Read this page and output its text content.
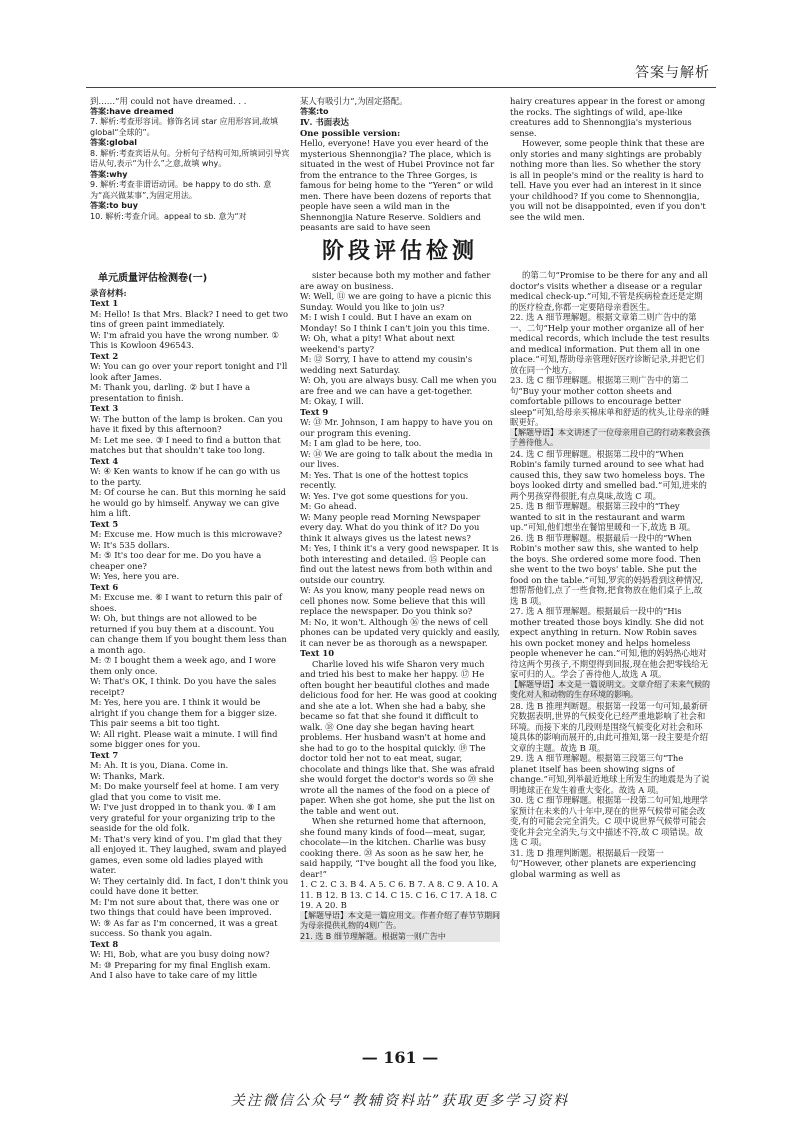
答案与解析

到……”用 could not have dreamed. . .

答案:have dreamed

7. 解析:考查形容词。修饰名词 star 应用形容词,故填 global“全球的”。

答案:global

8. 解析:考查宾语从句。分析句子结构可知,所填词引导宾语从句,表示“为什么”之意,故填 why。

答案:why

9. 解析:考查非谓语动词。be happy to do sth. 意为“高兴做某事”,为固定用法。

答案:to buy

10. 解析:考查介词。appeal to sb. 意为“对

某人有吸引力”,为固定搭配。

答案:to

Ⅳ. 书面表达

One possible version:

Hello, everyone! Have you ever heard of the mysterious Shennongjia? The place, which is situated in the west of Hubei Province not far from the entrance to the Three Gorges, is famous for being home to the “Yeren” or wild men. There have been dozens of reports that people have seen a wild man in the Shennongjia Nature Reserve. Soldiers and peasants are said to have seen

hairy creatures appear in the forest or among the rocks. The sightings of wild, ape-like creatures add to Shennongjia's mysterious sense.

However, some people think that these are only stories and many sightings are probably nothing more than lies. So whether the story is all in people's mind or the reality is hard to tell. Have you ever had an interest in it since your childhood? If you come to Shennongjia, you will not be disappointed, even if you don't see the wild men.

阶段评估检测
单元质量评估检测卷(一)

录音材料:

Text 1

M: Hello! Is that Mrs. Black? I need to get two tins of green paint immediately.

W: I'm afraid you have the wrong number. ① This is Kowloon 496543.

Text 2

W: You can go over your report tonight and I'll look after James.

M: Thank you, darling. ② but I have a presentation to finish.

Text 3

W: The button of the lamp is broken. Can you have it fixed by this afternoon?

M: Let me see. ③ I need to find a button that matches but that shouldn't take too long.

Text 4

W: ④ Ken wants to know if he can go with us to the party.

M: Of course he can. But this morning he said he would go by himself. Anyway we can give him a lift.

Text 5

M: Excuse me. How much is this microwave?

W: It's 535 dollars.

M: ⑤ It's too dear for me. Do you have a cheaper one?

W: Yes, here you are.

Text 6

M: Excuse me. ⑥ I want to return this pair of shoes.

W: Oh, but things are not allowed to be returned if you buy them at a discount. You can change them if you bought them less than a month ago.

M: ⑦ I bought them a week ago, and I wore them only once.

W: That's OK, I think. Do you have the sales receipt?

M: Yes, here you are. I think it would be alright if you change them for a bigger size. This pair seems a bit too tight.

W: All right. Please wait a minute. I will find some bigger ones for you.

Text 7

M: Ah. It is you, Diana. Come in.

W: Thanks, Mark.

M: Do make yourself feel at home. I am very glad that you come to visit me.

W: I've just dropped in to thank you. ⑧ I am very grateful for your organizing trip to the seaside for the old folk.

M: That's very kind of you. I'm glad that they all enjoyed it. They laughed, swam and played games, even some old ladies played with water.

W: They certainly did. In fact, I don't think you could have done it better.

M: I'm not sure about that, there was one or two things that could have been improved.

W: ⑨ As far as I'm concerned, it was a great success. So thank you again.

Text 8

W: Hi, Bob, what are you busy doing now?

M: ⑩ Preparing for my final English exam. And I also have to take care of my little

sister because both my mother and father are away on business.

W: Well, ⑪ we are going to have a picnic this Sunday. Would you like to join us?

M: I wish I could. But I have an exam on Monday! So I think I can't join you this time.

W: Oh, what a pity! What about next weekend's party?

M: ⑫ Sorry, I have to attend my cousin's wedding next Saturday.

W: Oh, you are always busy. Call me when you are free and we can have a get-together.

M: Okay, I will.

Text 9

W: ⑬ Mr. Johnson, I am happy to have you on our program this evening.

M: I am glad to be here, too.

W: ⑭ We are going to talk about the media in our lives.

M: Yes. That is one of the hottest topics recently.

W: Yes. I've got some questions for you.

M: Go ahead.

W: Many people read Morning Newspaper every day. What do you think of it? Do you think it always gives us the latest news?

M: Yes, I think it's a very good newspaper. It is both interesting and detailed. ⑮ People can find out the latest news from both within and outside our country.

W: As you know, many people read news on cell phones now. Some believe that this will replace the newspaper. Do you think so?

M: No, it won't. Although ⑯ the news of cell phones can be updated very quickly and easily, it can never be as thorough as a newspaper.

Text 10

Charlie loved his wife Sharon very much and tried his best to make her happy. ⑰ He often bought her beautiful clothes and made delicious food for her. He was good at cooking and she ate a lot. When she had a baby, she became so fat that she found it difficult to walk. ⑱ One day she began having heart problems. Her husband wasn't at home and she had to go to the hospital quickly. ⑲ The doctor told her not to eat meat, sugar, chocolate and things like that. She was afraid she would forget the doctor's words so ⑳ she wrote all the names of the food on a piece of paper. When she got home, she put the list on the table and went out.

When she returned home that afternoon, she found many kinds of food—meat, sugar, chocolate—in the kitchen. Charlie was busy cooking there. ⑳ As soon as he saw her, he said happily, “I've bought all the food you like, dear!”

1. C 2. C 3. B 4. A 5. C 6. B 7. A 8. C 9. A 10. A 11. B 12. B 13. C 14. C 15. C 16. C 17. A 18. C 19. A 20. B

【解题导语】本文是一篇应用文。作者介绍了春节节期间为母亲提供礼物的4则广告。

21. 选 B 细节理解题。根据第一则广告中

的第二句“Promise to be there for any and all doctor's visits whether a disease or a regular medical check-up.”可知,不管是疾病检查还是定期的医疗检查,你都一定要陪母亲看医生。

22. 选 A 细节理解题。根据文章第二则广告中的第一、二句“Help your mother organize all of her medical records, which include the test results and medical information. Put them all in one place.”可知,帮助母亲管理好医疗诊断记录,并把它们放在同一个地方。

23. 选 C 细节理解题。根据第三则广告中的第二句“Buy your mother cotton sheets and comfortable pillows to encourage better sleep”可知,给母亲买棉床单和舒适的枕头,让母亲的睡眠更好。

【解题导语】本文讲述了一位母亲用自己的行动来教会孩子善待他人。

24. 选 C 细节理解题。根据第二段中的“When Robin's family turned around to see what had caused this, they saw two homeless boys. The boys looked dirty and smelled bad.”可知,进来的两个男孩穿得很脏,有点臭味,故选 C 项。

25. 选 B 细节理解题。根据第三段中的“They wanted to sit in the restaurant and warm up.”可知,他们想坐在餐馆里暖和一下,故选 B 项。

26. 选 B 细节理解题。根据最后一段中的“When Robin's mother saw this, she wanted to help the boys. She ordered some more food. Then she went to the two boys' table. She put the food on the table.”可知,罗宾的妈妈看到这种情况,想帮帮他们,点了一些食物,把食物放在他们桌子上,故选 B 项。

27. 选 A 细节理解题。根据最后一段中的“His mother treated those boys kindly. She did not expect anything in return. Now Robin saves his own pocket money and helps homeless people whenever he can.”可知,他的妈妈热心地对待这两个男孩子,不期望得到回报,现在他会把零钱给无家可归的人。学会了善待他人,故选 A 项。

【解题导语】本文是一篇说明文。文章介绍了未来气候的变化对人和动物的生存环境的影响。

28. 选 B 推理判断题。根据第一段第一句可知,最新研究数据表明,世界的气候变化已经严重地影响了社会和环境。而接下来的几段则是围绕气候变化对社会和环境具体的影响而展开的,由此可推知,第一段主要是介绍文章的主题。故选 B 项。

29. 选 A 细节理解题。根据第三段第三句“The planet itself has been showing signs of change.”可知,列举最近地球上所发生的地震是为了说明地球正在发生着重大变化。故选 A 项。

30. 选 C 细节理解题。根据第一段第二句可知,地理学家预计在未来的八十年中,现在的世界气候带可能会改变,有的可能会完全消失。C 项中说世界气候带可能会变化并会完全消失,与文中描述不符,故 C 项错误。故选 C 项。

31. 选 D 推理判断题。根据最后一段第一句“However, other planets are experiencing global warming as well as

— 161 —
关注微信公众号“教辅资料站”获取更多学习资料
